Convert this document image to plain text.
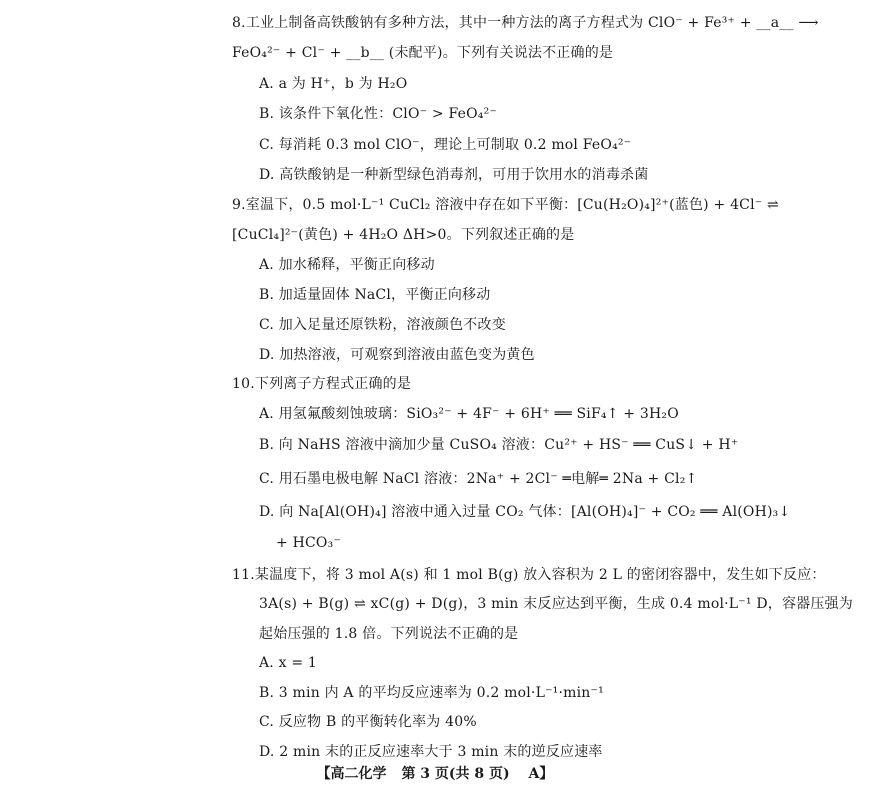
8.工业上制备高铁酸钠有多种方法，其中一种方法的离子方程式为 ClO⁻ + Fe³⁺ + __a__ ⟶
FeO₄²⁻ + Cl⁻ + __b__ (未配平)。下列有关说法不正确的是
A. a 为 H⁺，b 为 H₂O
B. 该条件下氧化性：ClO⁻ > FeO₄²⁻
C. 每消耗 0.3 mol ClO⁻，理论上可制取 0.2 mol FeO₄²⁻
D. 高铁酸钠是一种新型绿色消毒剂，可用于饮用水的消毒杀菌
9.室温下，0.5 mol·L⁻¹ CuCl₂ 溶液中存在如下平衡：[Cu(H₂O)₄]²⁺(蓝色) + 4Cl⁻ ⇌
[CuCl₄]²⁻(黄色) + 4H₂O ΔH>0。下列叙述正确的是
A. 加水稀释，平衡正向移动
B. 加适量固体 NaCl，平衡正向移动
C. 加入足量还原铁粉，溶液颜色不改变
D. 加热溶液，可观察到溶液由蓝色变为黄色
10.下列离子方程式正确的是
A. 用氢氟酸刻蚀玻璃：SiO₃²⁻ + 4F⁻ + 6H⁺ ══ SiF₄↑ + 3H₂O
B. 向 NaHS 溶液中滴加少量 CuSO₄ 溶液：Cu²⁺ + HS⁻ ══ CuS↓ + H⁺
C. 用石墨电极电解 NaCl 溶液：2Na⁺ + 2Cl⁻ ═电解═ 2Na + Cl₂↑
D. 向 Na[Al(OH)₄] 溶液中通入过量 CO₂ 气体：[Al(OH)₄]⁻ + CO₂ ══ Al(OH)₃↓
+ HCO₃⁻
11.某温度下，将 3 mol A(s) 和 1 mol B(g) 放入容积为 2 L 的密闭容器中，发生如下反应：
3A(s) + B(g) ⇌ xC(g) + D(g)，3 min 末反应达到平衡，生成 0.4 mol·L⁻¹ D，容器压强为
起始压强的 1.8 倍。下列说法不正确的是
A. x = 1
B. 3 min 内 A 的平均反应速率为 0.2 mol·L⁻¹·min⁻¹
C. 反应物 B 的平衡转化率为 40%
D. 2 min 末的正反应速率大于 3 min 末的逆反应速率
【高二化学 第 3 页(共 8 页) A】
